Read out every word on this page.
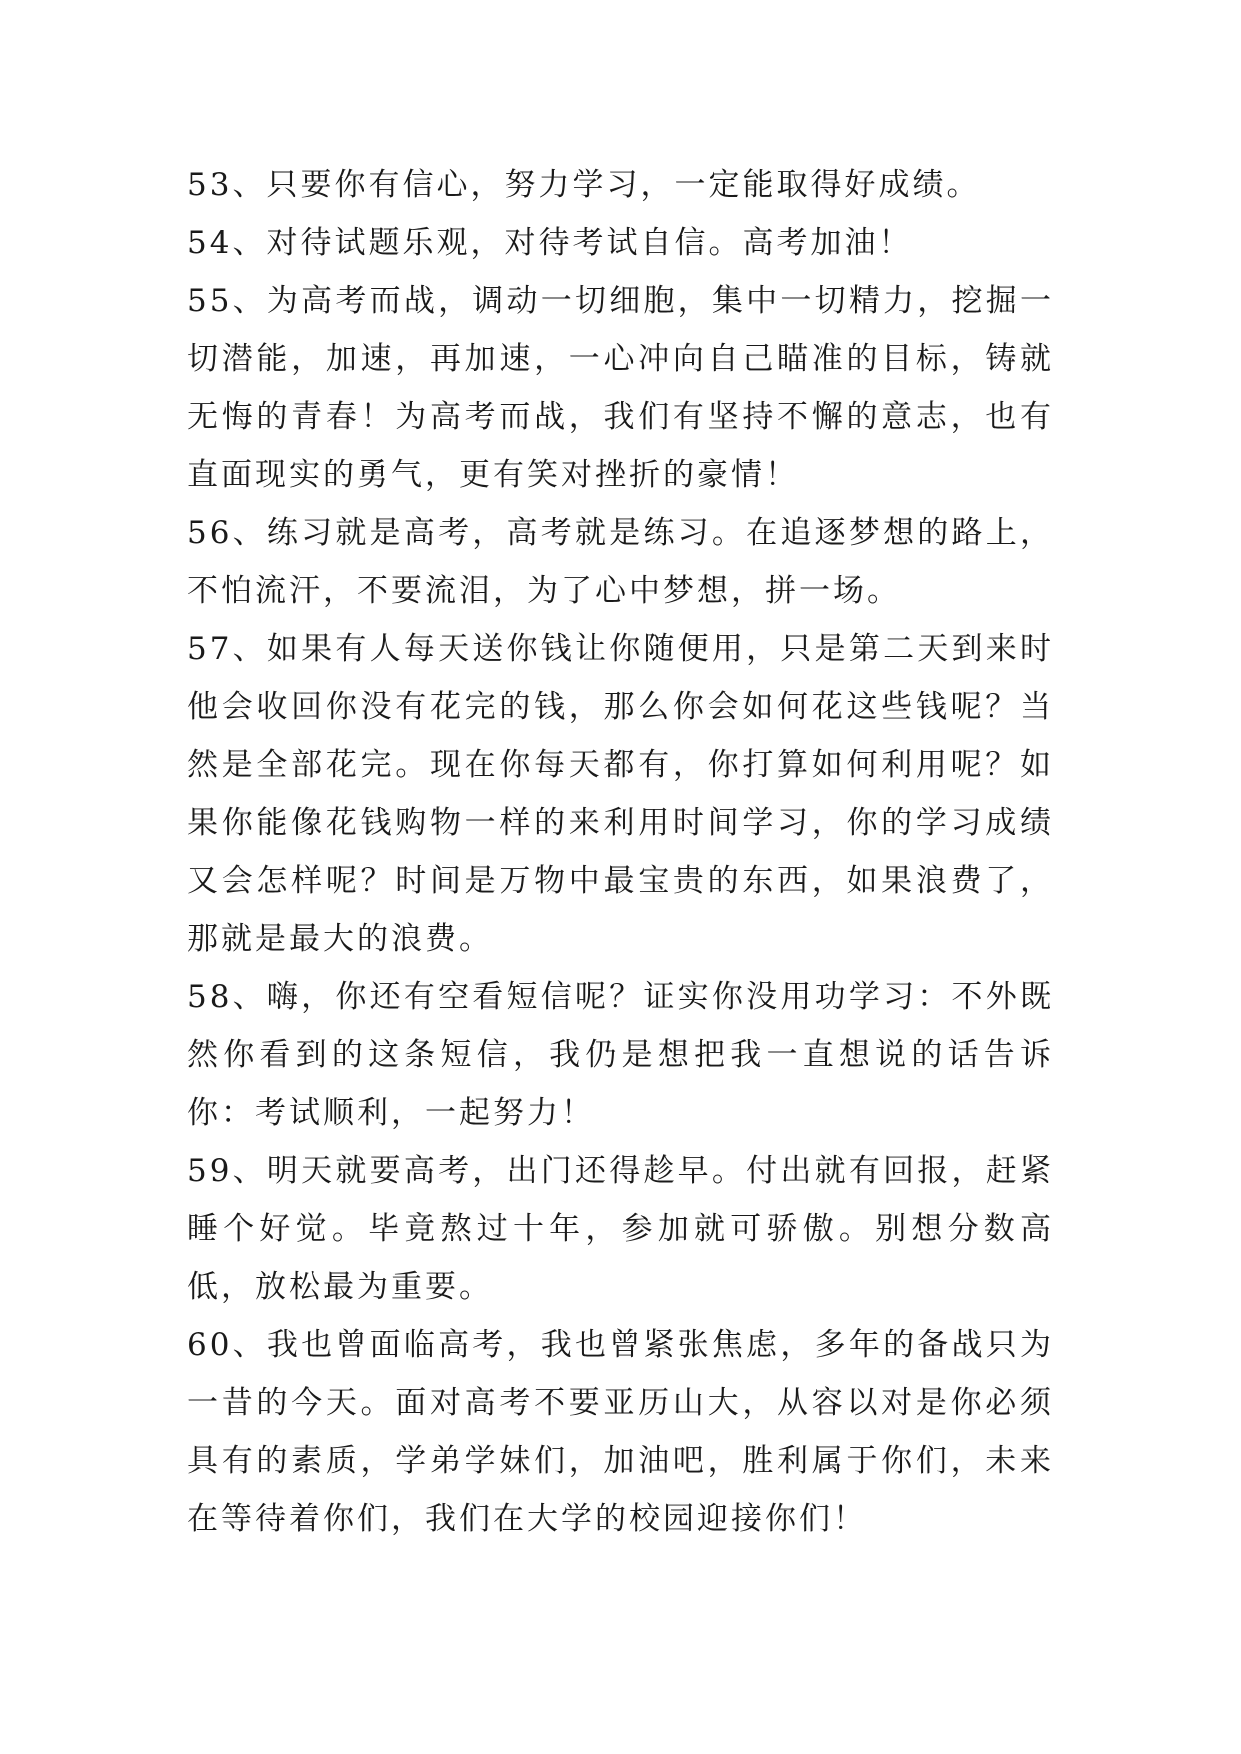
53、只要你有信心，努力学习，一定能取得好成绩。

54、对待试题乐观，对待考试自信。高考加油！

55、为高考而战，调动一切细胞，集中一切精力，挖掘一切潜能，加速，再加速，一心冲向自己瞄准的目标，铸就无悔的青春！为高考而战，我们有坚持不懈的意志，也有直面现实的勇气，更有笑对挫折的豪情！

56、练习就是高考，高考就是练习。在追逐梦想的路上，不怕流汗，不要流泪，为了心中梦想，拼一场。

57、如果有人每天送你钱让你随便用，只是第二天到来时他会收回你没有花完的钱，那么你会如何花这些钱呢？当然是全部花完。现在你每天都有，你打算如何利用呢？如果你能像花钱购物一样的来利用时间学习，你的学习成绩又会怎样呢？时间是万物中最宝贵的东西，如果浪费了，那就是最大的浪费。

58、嗨，你还有空看短信呢？证实你没用功学习：不外既然你看到的这条短信，我仍是想把我一直想说的话告诉你：考试顺利，一起努力！

59、明天就要高考，出门还得趁早。付出就有回报，赶紧睡个好觉。毕竟熬过十年，参加就可骄傲。别想分数高低，放松最为重要。

60、我也曾面临高考，我也曾紧张焦虑，多年的备战只为一昔的今天。面对高考不要亚历山大，从容以对是你必须具有的素质，学弟学妹们，加油吧，胜利属于你们，未来在等待着你们，我们在大学的校园迎接你们！
